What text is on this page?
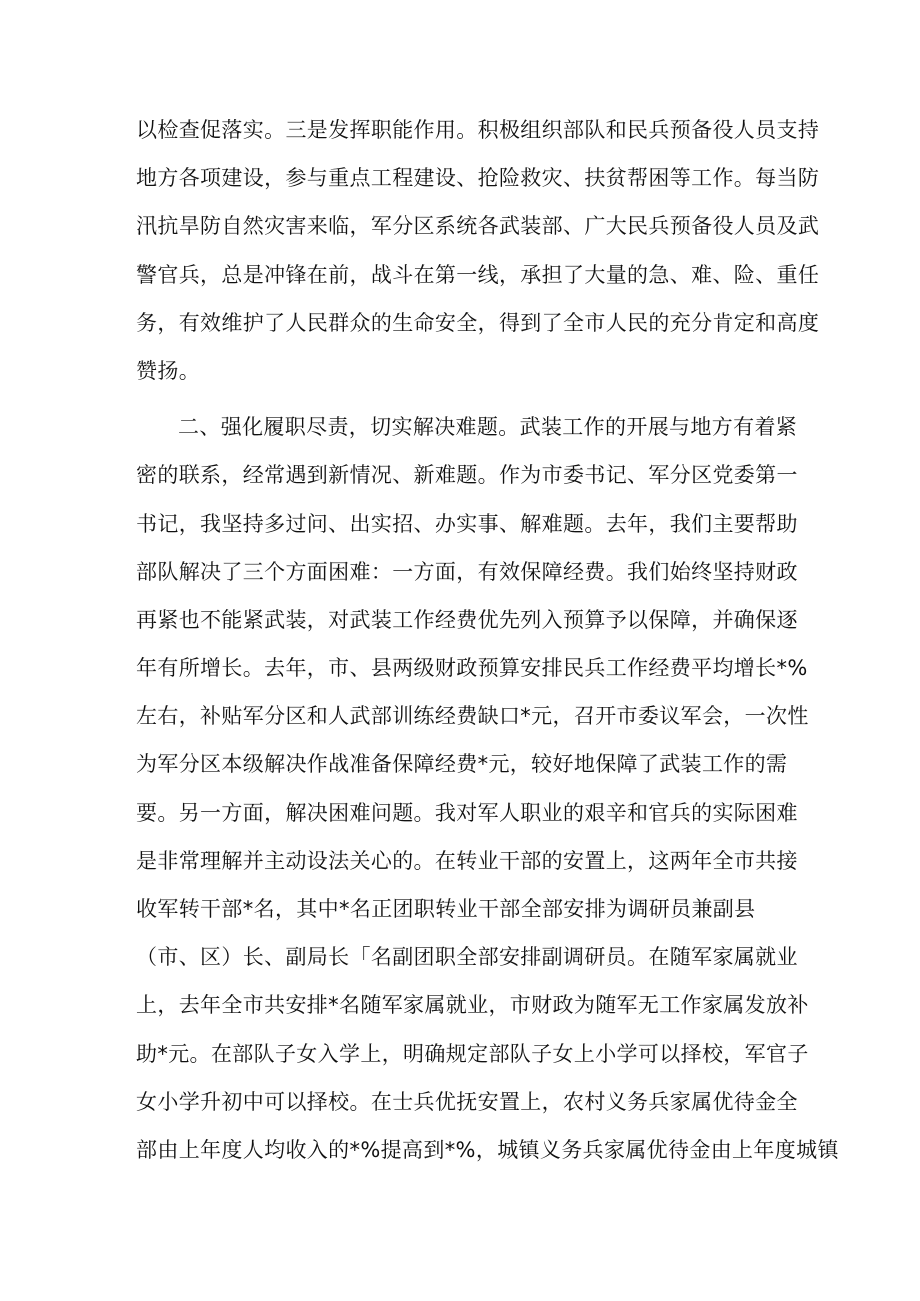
以检查促落实。三是发挥职能作用。积极组织部队和民兵预备役人员支持
地方各项建设，参与重点工程建设、抢险救灾、扶贫帮困等工作。每当防
汛抗旱防自然灾害来临，军分区系统各武装部、广大民兵预备役人员及武
警官兵，总是冲锋在前，战斗在第一线，承担了大量的急、难、险、重任
务，有效维护了人民群众的生命安全，得到了全市人民的充分肯定和高度
赞扬。
二、强化履职尽责，切实解决难题。武装工作的开展与地方有着紧
密的联系，经常遇到新情况、新难题。作为市委书记、军分区党委第一
书记，我坚持多过问、出实招、办实事、解难题。去年，我们主要帮助
部队解决了三个方面困难：一方面，有效保障经费。我们始终坚持财政
再紧也不能紧武装，对武装工作经费优先列入预算予以保障，并确保逐
年有所增长。去年，市、县两级财政预算安排民兵工作经费平均增长*%
左右，补贴军分区和人武部训练经费缺口*元，召开市委议军会，一次性
为军分区本级解决作战准备保障经费*元，较好地保障了武装工作的需
要。另一方面，解决困难问题。我对军人职业的艰辛和官兵的实际困难
是非常理解并主动设法关心的。在转业干部的安置上，这两年全市共接
收军转干部*名，其中*名正团职转业干部全部安排为调研员兼副县
（市、区）长、副局长「名副团职全部安排副调研员。在随军家属就业
上，去年全市共安排*名随军家属就业，市财政为随军无工作家属发放补
助*元。在部队子女入学上，明确规定部队子女上小学可以择校，军官子
女小学升初中可以择校。在士兵优抚安置上，农村义务兵家属优待金全
部由上年度人均收入的*%提高到*%，城镇义务兵家属优待金由上年度城镇
